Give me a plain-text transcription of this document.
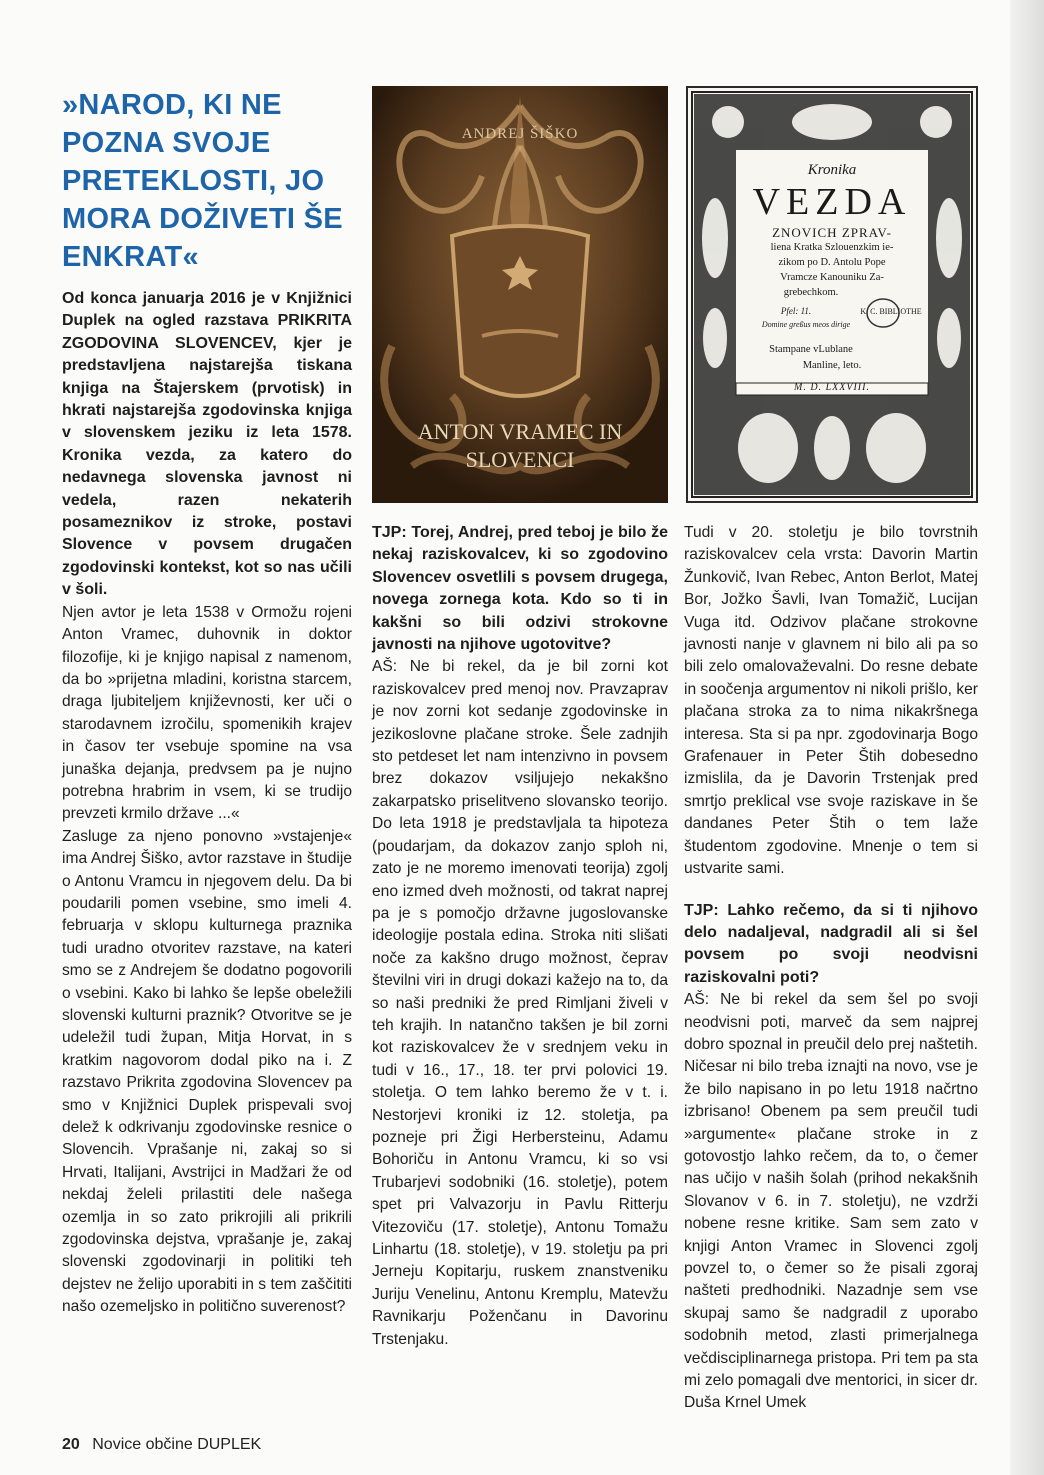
»NAROD, KI NE POZNA SVOJE PRETEKLOSTI, JO MORA DOŽIVETI ŠE ENKRAT«

Od konca januarja 2016 je v Knjižnici Duplek na ogled razstava PRIKRITA ZGODOVINA SLOVENCEV, kjer je predstavljena najstarejša tiskana knjiga na Štajerskem (prvotisk) in hkrati najstarejša zgodovinska knjiga v slovenskem jeziku iz leta 1578. Kronika vezda, za katero do nedavnega slovenska javnost ni vedela, razen nekaterih posameznikov iz stroke, postavi Slovence v povsem drugačen zgodovinski kontekst, kot so nas učili v šoli.

Njen avtor je leta 1538 v Ormožu rojeni Anton Vramec, duhovnik in doktor filozofije, ki je knjigo napisal z namenom, da bo »prijetna mladini, koristna starcem, draga ljubiteljem književnosti, ker uči o starodavnem izročilu, spomenikih krajev in časov ter vsebuje spomine na vsa junaška dejanja, predvsem pa je nujno potrebna hrabrim in vsem, ki se trudijo prevzeti krmilo države ...«

Zasluge za njeno ponovno »vstajenje« ima Andrej Šiško, avtor razstave in študije o Antonu Vramcu in njegovem delu. Da bi poudarili pomen vsebine, smo imeli 4. februarja v sklopu kulturnega praznika tudi uradno otvoritev razstave, na kateri smo se z Andrejem še dodatno pogovorili o vsebini. Kako bi lahko še lepše obeležili slovenski kulturni praznik? Otvoritve se je udeležil tudi župan, Mitja Horvat, in s kratkim nagovorom dodal piko na i. Z razstavo Prikrita zgodovina Slovencev pa smo v Knjižnici Duplek prispevali svoj delež k odkrivanju zgodovinske resnice o Slovencih. Vprašanje ni, zakaj so si Hrvati, Italijani, Avstrijci in Madžari že od nekdaj želeli prilastiti dele našega ozemlja in so zato prikrojili ali prikrili zgodovinska dejstva, vprašanje je, zakaj slovenski zgodovinarji in politiki teh dejstev ne želijo uporabiti in s tem zaščititi našo ozemeljsko in politično suverenost?

ANDREJ ŠIŠKO
ANTON VRAMEC IN SLOVENCI
Kronika
VEZDA
ZNOVICH ZPRAV-
liena Kratka Szlouenzkim ie-
zikom po D. Antolu Pope
Vramcze Kanouniku Za-
grebechkom.
Pfel: 11.
Domine greßus meos dirige
K. C. BIBLIOTHE
Stampane vLublane
Manline, leto.
M. D. LXXVIII.

TJP: Torej, Andrej, pred teboj je bilo že nekaj raziskovalcev, ki so zgodovino Slovencev osvetlili s povsem drugega, novega zornega kota. Kdo so ti in kakšni so bili odzivi strokovne javnosti na njihove ugotovitve?

AŠ: Ne bi rekel, da je bil zorni kot raziskovalcev pred menoj nov. Pravzaprav je nov zorni kot sedanje zgodovinske in jezikoslovne plačane stroke. Šele zadnjih sto petdeset let nam intenzivno in povsem brez dokazov vsiljujejo nekakšno zakarpatsko priselitveno slovansko teorijo. Do leta 1918 je predstavljala ta hipoteza (poudarjam, da dokazov zanjo sploh ni, zato je ne moremo imenovati teorija) zgolj eno izmed dveh možnosti, od takrat naprej pa je s pomočjo državne jugoslovanske ideologije postala edina. Stroka niti slišati noče za kakšno drugo možnost, čeprav številni viri in drugi dokazi kažejo na to, da so naši predniki že pred Rimljani živeli v teh krajih. In natančno takšen je bil zorni kot raziskovalcev že v srednjem veku in tudi v 16., 17., 18. ter prvi polovici 19. stoletja. O tem lahko beremo že v t. i. Nestorjevi kroniki iz 12. stoletja, pa pozneje pri Žigi Herbersteinu, Adamu Bohoriču in Antonu Vramcu, ki so vsi Trubarjevi sodobniki (16. stoletje), potem spet pri Valvazorju in Pavlu Ritterju Vitezoviču (17. stoletje), Antonu Tomažu Linhartu (18. stoletje), v 19. stoletju pa pri Jerneju Kopitarju, ruskem znanstveniku Juriju Venelinu, Antonu Kremplu, Matevžu Ravnikarju Poženčanu in Davorinu Trstenjaku.

Tudi v 20. stoletju je bilo tovrstnih raziskovalcev cela vrsta: Davorin Martin Žunkovič, Ivan Rebec, Anton Berlot, Matej Bor, Jožko Šavli, Ivan Tomažič, Lucijan Vuga itd. Odzivov plačane strokovne javnosti nanje v glavnem ni bilo ali pa so bili zelo omalovaževalni. Do resne debate in soočenja argumentov ni nikoli prišlo, ker plačana stroka za to nima nikakršnega interesa. Sta si pa npr. zgodovinarja Bogo Grafenauer in Peter Štih dobesedno izmislila, da je Davorin Trstenjak pred smrtjo preklical vse svoje raziskave in še dandanes Peter Štih o tem laže študentom zgodovine. Mnenje o tem si ustvarite sami.

TJP: Lahko rečemo, da si ti njihovo delo nadaljeval, nadgradil ali si šel povsem po svoji neodvisni raziskovalni poti?

AŠ: Ne bi rekel da sem šel po svoji neodvisni poti, marveč da sem najprej dobro spoznal in preučil delo prej naštetih. Ničesar ni bilo treba iznajti na novo, vse je že bilo napisano in po letu 1918 načrtno izbrisano! Obenem pa sem preučil tudi »argumente« plačane stroke in z gotovostjo lahko rečem, da to, o čemer nas učijo v naših šolah (prihod nekakšnih Slovanov v 6. in 7. stoletju), ne vzdrži nobene resne kritike. Sam sem zato v knjigi Anton Vramec in Slovenci zgolj povzel to, o čemer so že pisali zgoraj našteti predhodniki. Nazadnje sem vse skupaj samo še nadgradil z uporabo sodobnih metod, zlasti primerjalnega večdisciplinarnega pristopa. Pri tem pa sta mi zelo pomagali dve mentorici, in sicer dr. Duša Krnel Umek

20 Novice občine DUPLEK
